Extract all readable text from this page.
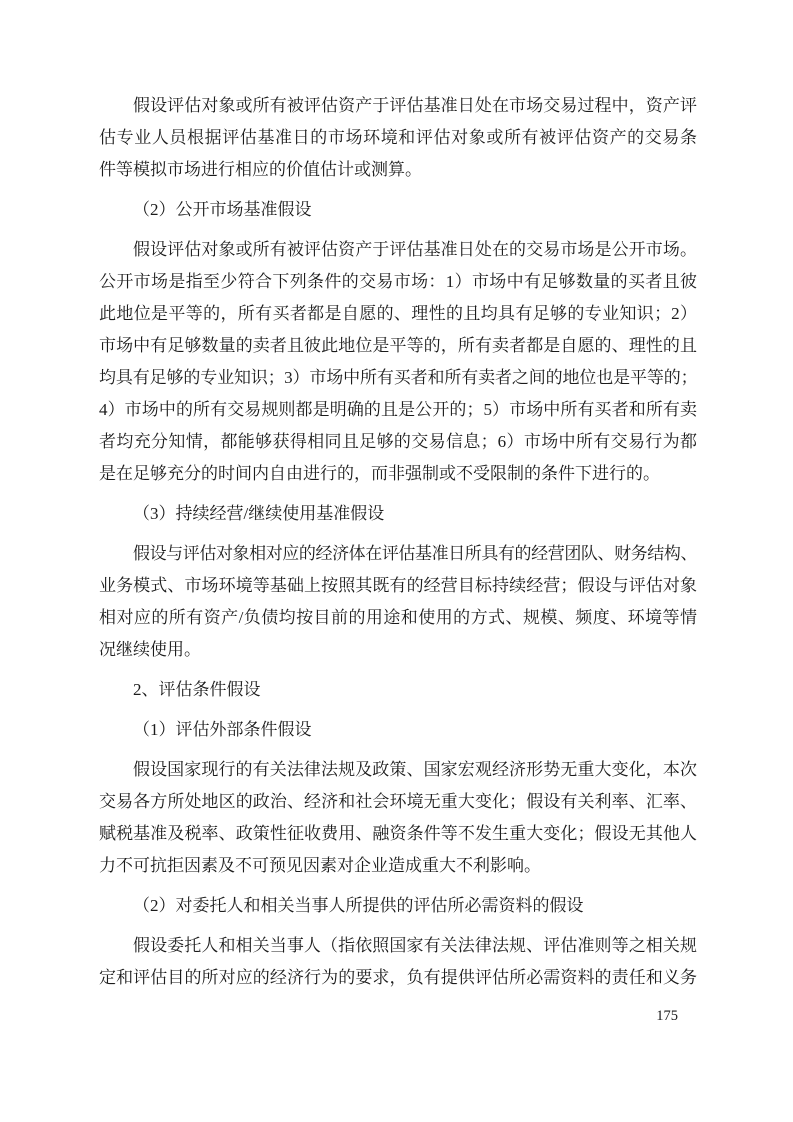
假设评估对象或所有被评估资产于评估基准日处在市场交易过程中，资产评
估专业人员根据评估基准日的市场环境和评估对象或所有被评估资产的交易条
件等模拟市场进行相应的价值估计或测算。
（2）公开市场基准假设
假设评估对象或所有被评估资产于评估基准日处在的交易市场是公开市场。
公开市场是指至少符合下列条件的交易市场：1）市场中有足够数量的买者且彼
此地位是平等的，所有买者都是自愿的、理性的且均具有足够的专业知识；2）
市场中有足够数量的卖者且彼此地位是平等的，所有卖者都是自愿的、理性的且
均具有足够的专业知识；3）市场中所有买者和所有卖者之间的地位也是平等的；
4）市场中的所有交易规则都是明确的且是公开的；5）市场中所有买者和所有卖
者均充分知情，都能够获得相同且足够的交易信息；6）市场中所有交易行为都
是在足够充分的时间内自由进行的，而非强制或不受限制的条件下进行的。
（3）持续经营/继续使用基准假设
假设与评估对象相对应的经济体在评估基准日所具有的经营团队、财务结构、
业务模式、市场环境等基础上按照其既有的经营目标持续经营；假设与评估对象
相对应的所有资产/负债均按目前的用途和使用的方式、规模、频度、环境等情
况继续使用。
2、评估条件假设
（1）评估外部条件假设
假设国家现行的有关法律法规及政策、国家宏观经济形势无重大变化，本次
交易各方所处地区的政治、经济和社会环境无重大变化；假设有关利率、汇率、
赋税基准及税率、政策性征收费用、融资条件等不发生重大变化；假设无其他人
力不可抗拒因素及不可预见因素对企业造成重大不利影响。
（2）对委托人和相关当事人所提供的评估所必需资料的假设
假设委托人和相关当事人（指依照国家有关法律法规、评估准则等之相关规
定和评估目的所对应的经济行为的要求，负有提供评估所必需资料的责任和义务
175
